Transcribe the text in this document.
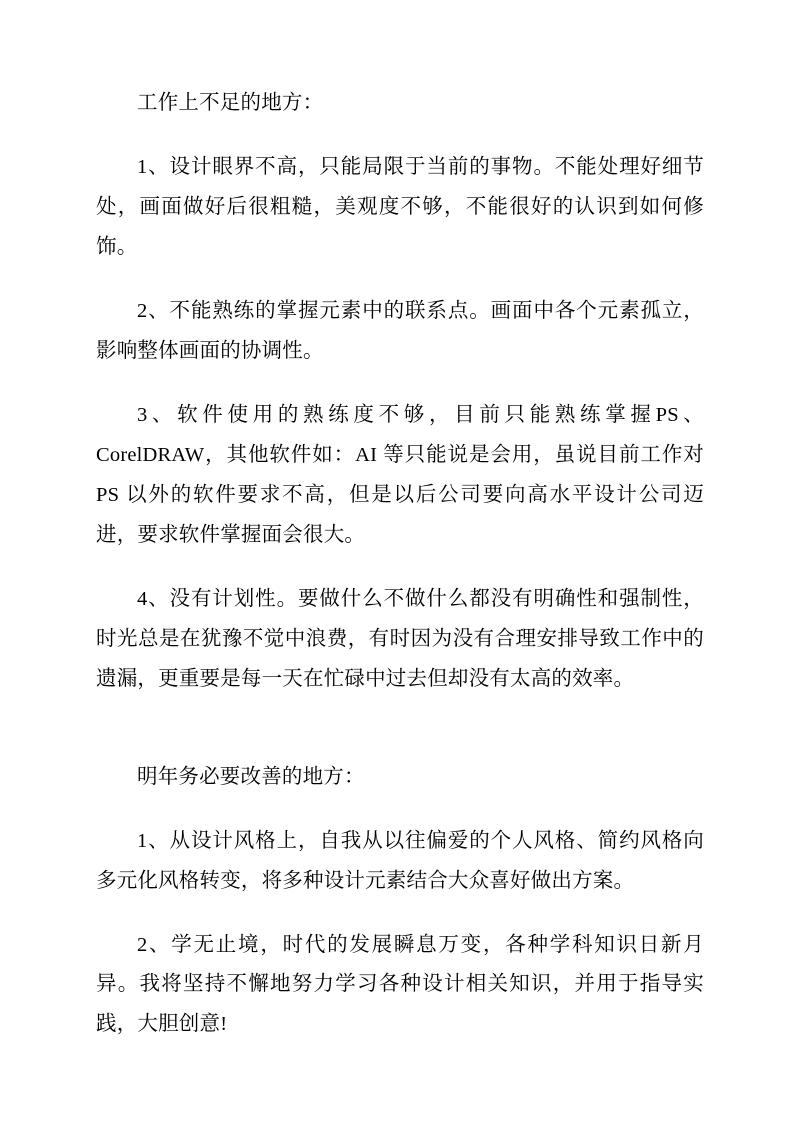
工作上不足的地方：

1、设计眼界不高，只能局限于当前的事物。不能处理好细节处，画面做好后很粗糙，美观度不够，不能很好的认识到如何修饰。

2、不能熟练的掌握元素中的联系点。画面中各个元素孤立，影响整体画面的协调性。

3、软件使用的熟练度不够，目前只能熟练掌握PS、CorelDRAW，其他软件如：AI 等只能说是会用，虽说目前工作对 PS 以外的软件要求不高，但是以后公司要向高水平设计公司迈进，要求软件掌握面会很大。

4、没有计划性。要做什么不做什么都没有明确性和强制性，时光总是在犹豫不觉中浪费，有时因为没有合理安排导致工作中的遗漏，更重要是每一天在忙碌中过去但却没有太高的效率。

明年务必要改善的地方：

1、从设计风格上，自我从以往偏爱的个人风格、简约风格向多元化风格转变，将多种设计元素结合大众喜好做出方案。

2、学无止境，时代的发展瞬息万变，各种学科知识日新月异。我将坚持不懈地努力学习各种设计相关知识，并用于指导实践，大胆创意!
